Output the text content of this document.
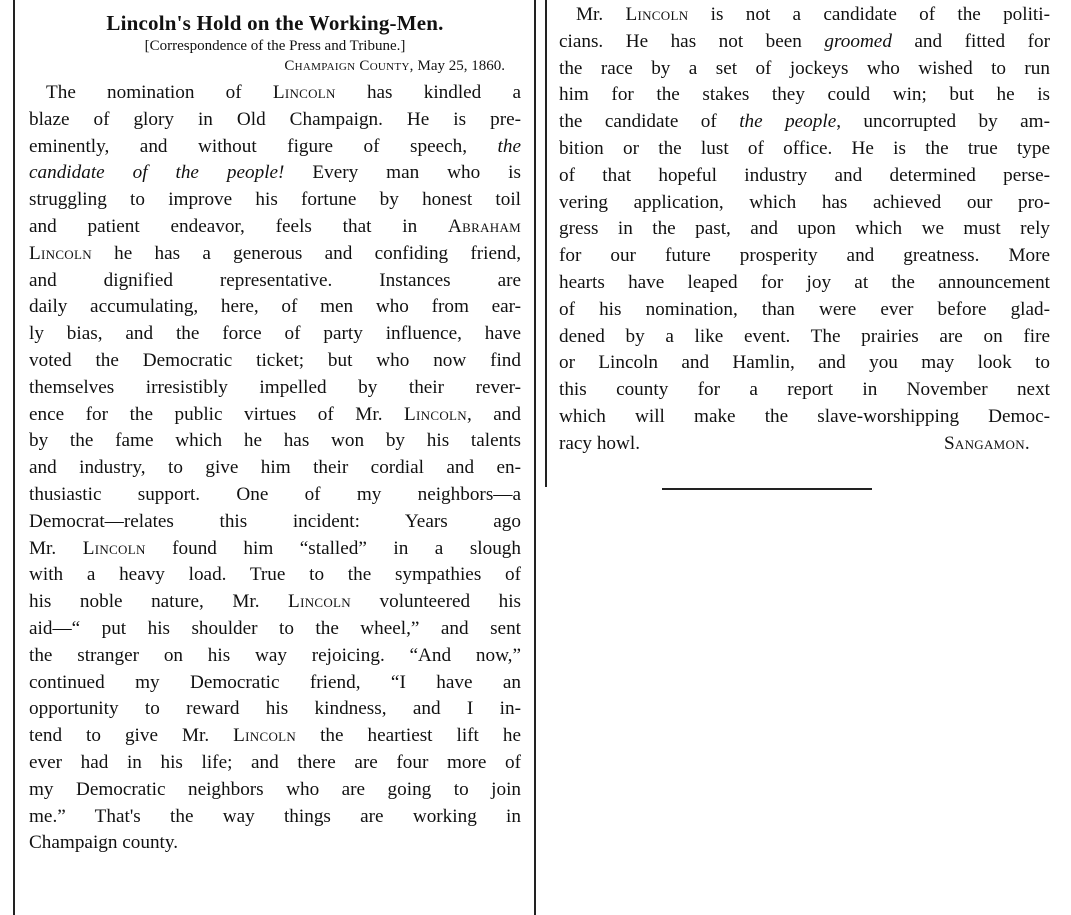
Lincoln's Hold on the Working-Men.
[Correspondence of the Press and Tribune.]
Champaign County, May 25, 1860.
The nomination of Lincoln has kindled a
blaze of glory in Old Champaign. He is pre-
eminently, and without figure of speech, the
candidate of the people! Every man who is
struggling to improve his fortune by honest toil
and patient endeavor, feels that in Abraham
Lincoln he has a generous and confiding friend,
and dignified representative. Instances are
daily accumulating, here, of men who from ear-
ly bias, and the force of party influence, have
voted the Democratic ticket; but who now find
themselves irresistibly impelled by their rever-
ence for the public virtues of Mr. Lincoln, and
by the fame which he has won by his talents
and industry, to give him their cordial and en-
thusiastic support. One of my neighbors—a
Democrat—relates this incident: Years ago
Mr. Lincoln found him “stalled” in a slough
with a heavy load. True to the sympathies of
his noble nature, Mr. Lincoln volunteered his
aid—“ put his shoulder to the wheel,” and sent
the stranger on his way rejoicing. “And now,”
continued my Democratic friend, “I have an
opportunity to reward his kindness, and I in-
tend to give Mr. Lincoln the heartiest lift he
ever had in his life; and there are four more of
my Democratic neighbors who are going to join
me.” That's the way things are working in
Champaign county.
Mr. Lincoln is not a candidate of the politi-
cians. He has not been groomed and fitted for
the race by a set of jockeys who wished to run
him for the stakes they could win; but he is
the candidate of the people, uncorrupted by am-
bition or the lust of office. He is the true type
of that hopeful industry and determined perse-
vering application, which has achieved our pro-
gress in the past, and upon which we must rely
for our future prosperity and greatness. More
hearts have leaped for joy at the announcement
of his nomination, than were ever before glad-
dened by a like event. The prairies are on fire
or Lincoln and Hamlin, and you may look to
this county for a report in November next
which will make the slave-worshipping Democ-
racy howl.	Sangamon.
